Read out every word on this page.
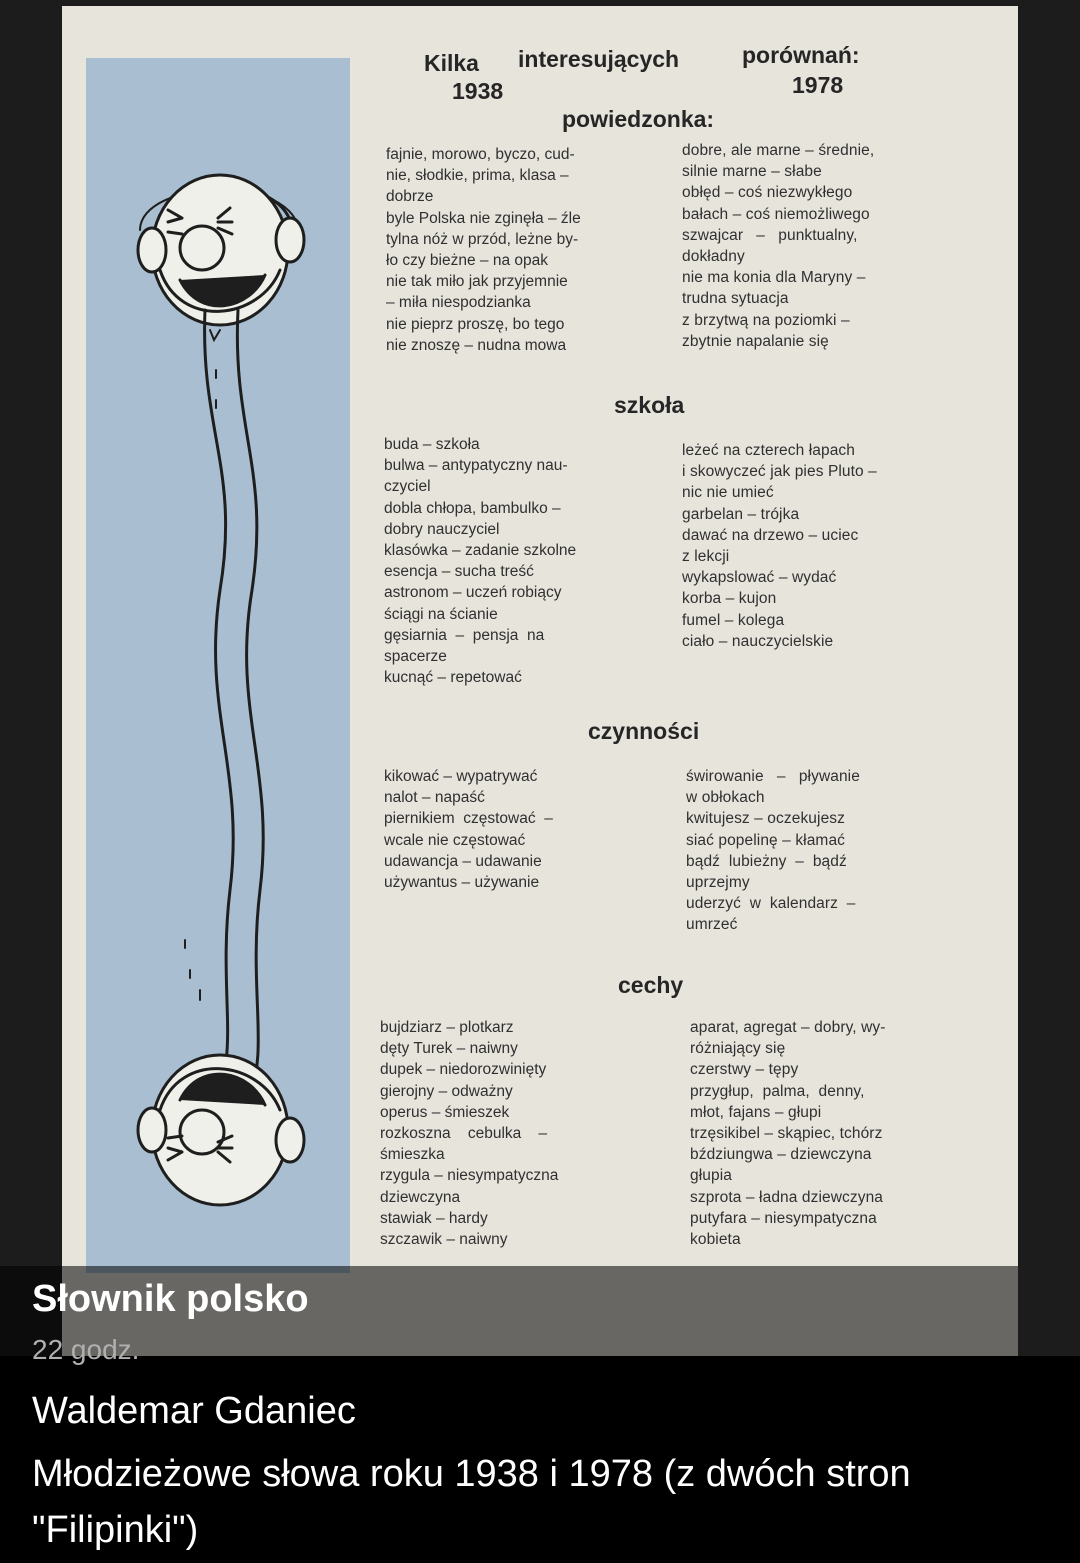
Kilka interesujących	porównań:
1938	1978
powiedzonka:
fajnie, morowo, byczo, cud-
nie, słodkie, prima, klasa –
dobrze
byle Polska nie zginęła – źle
tylna nóż w przód, leżne by-
ło czy bieżne – na opak
nie tak miło jak przyjemnie
– miła niespodzianka
nie pieprz proszę, bo tego
nie znoszę – nudna mowa
dobre, ale marne – średnie,
silnie marne – słabe
obłęd – coś niezwykłego
bałach – coś niemożliwego
szwajcar   –   punktualny,
dokładny
nie ma konia dla Maryny –
trudna sytuacja
z brzytwą na poziomki –
zbytnie napalanie się
szkoła
buda – szkoła
bulwa – antypatyczny nau-
czyciel
dobla chłopa, bambulko –
dobry nauczyciel
klasówka – zadanie szkolne
esencja – sucha treść
astronom – uczeń robiący
ściągi na ścianie
gęsiarnia  –  pensja  na
spacerze
kucnąć – repetować
leżeć na czterech łapach
i skowyczeć jak pies Pluto –
nic nie umieć
garbelan – trójka
dawać na drzewo – uciec
z lekcji
wykapslować – wydać
korba – kujon
fumel – kolega
ciało – nauczycielskie
czynności
kikować – wypatrywać
nalot – napaść
piernikiem  częstować  –
wcale nie częstować
udawancja – udawanie
używantus – używanie
świrowanie   –   pływanie
w obłokach
kwitujesz – oczekujesz
siać popelinę – kłamać
bądź  lubieżny  –  bądź
uprzejmy
uderzyć  w  kalendarz  –
umrzeć
cechy
bujdziarz – plotkarz
dęty Turek – naiwny
dupek – niedorozwinięty
gierojny – odważny
operus – śmieszek
rozkoszna    cebulka    –
śmieszka
rzygula – niesympatyczna
dziewczyna
stawiak – hardy
szczawik – naiwny
aparat, agregat – dobry, wy-
różniający się
czerstwy – tępy
przygłup,  palma,  denny,
młot, fajans – głupi
trzęsikibel – skąpiec, tchórz
bździungwa – dziewczyna
głupia
szprota – ładna dziewczyna
putyfara – niesympatyczna
kobieta
Słownik polsko
22 godz.
Waldemar Gdaniec
Młodzieżowe słowa roku 1938 i 1978 (z dwóch stron "Filipinki")
